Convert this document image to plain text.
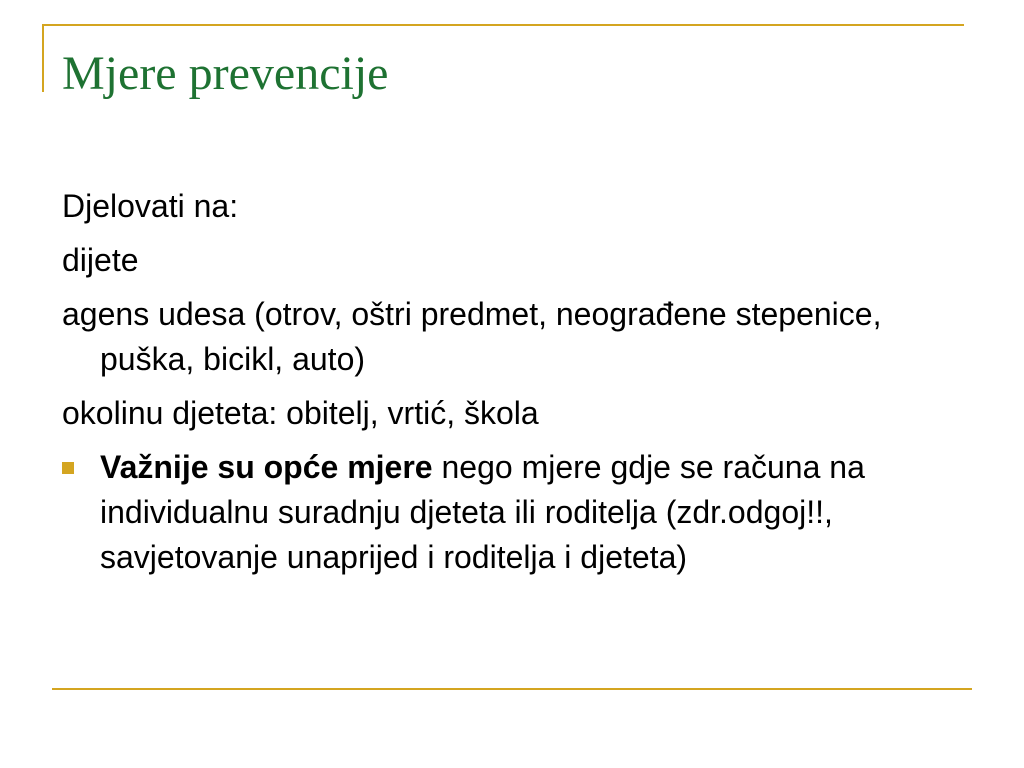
Mjere prevencije

Djelovati na:

dijete

agens udesa (otrov, oštri predmet, neograđene stepenice, puška, bicikl, auto)

okolinu djeteta: obitelj, vrtić, škola

Važnije su opće mjere nego mjere gdje se računa na individualnu suradnju djeteta ili roditelja (zdr.odgoj!!, savjetovanje unaprijed i roditelja i djeteta)
